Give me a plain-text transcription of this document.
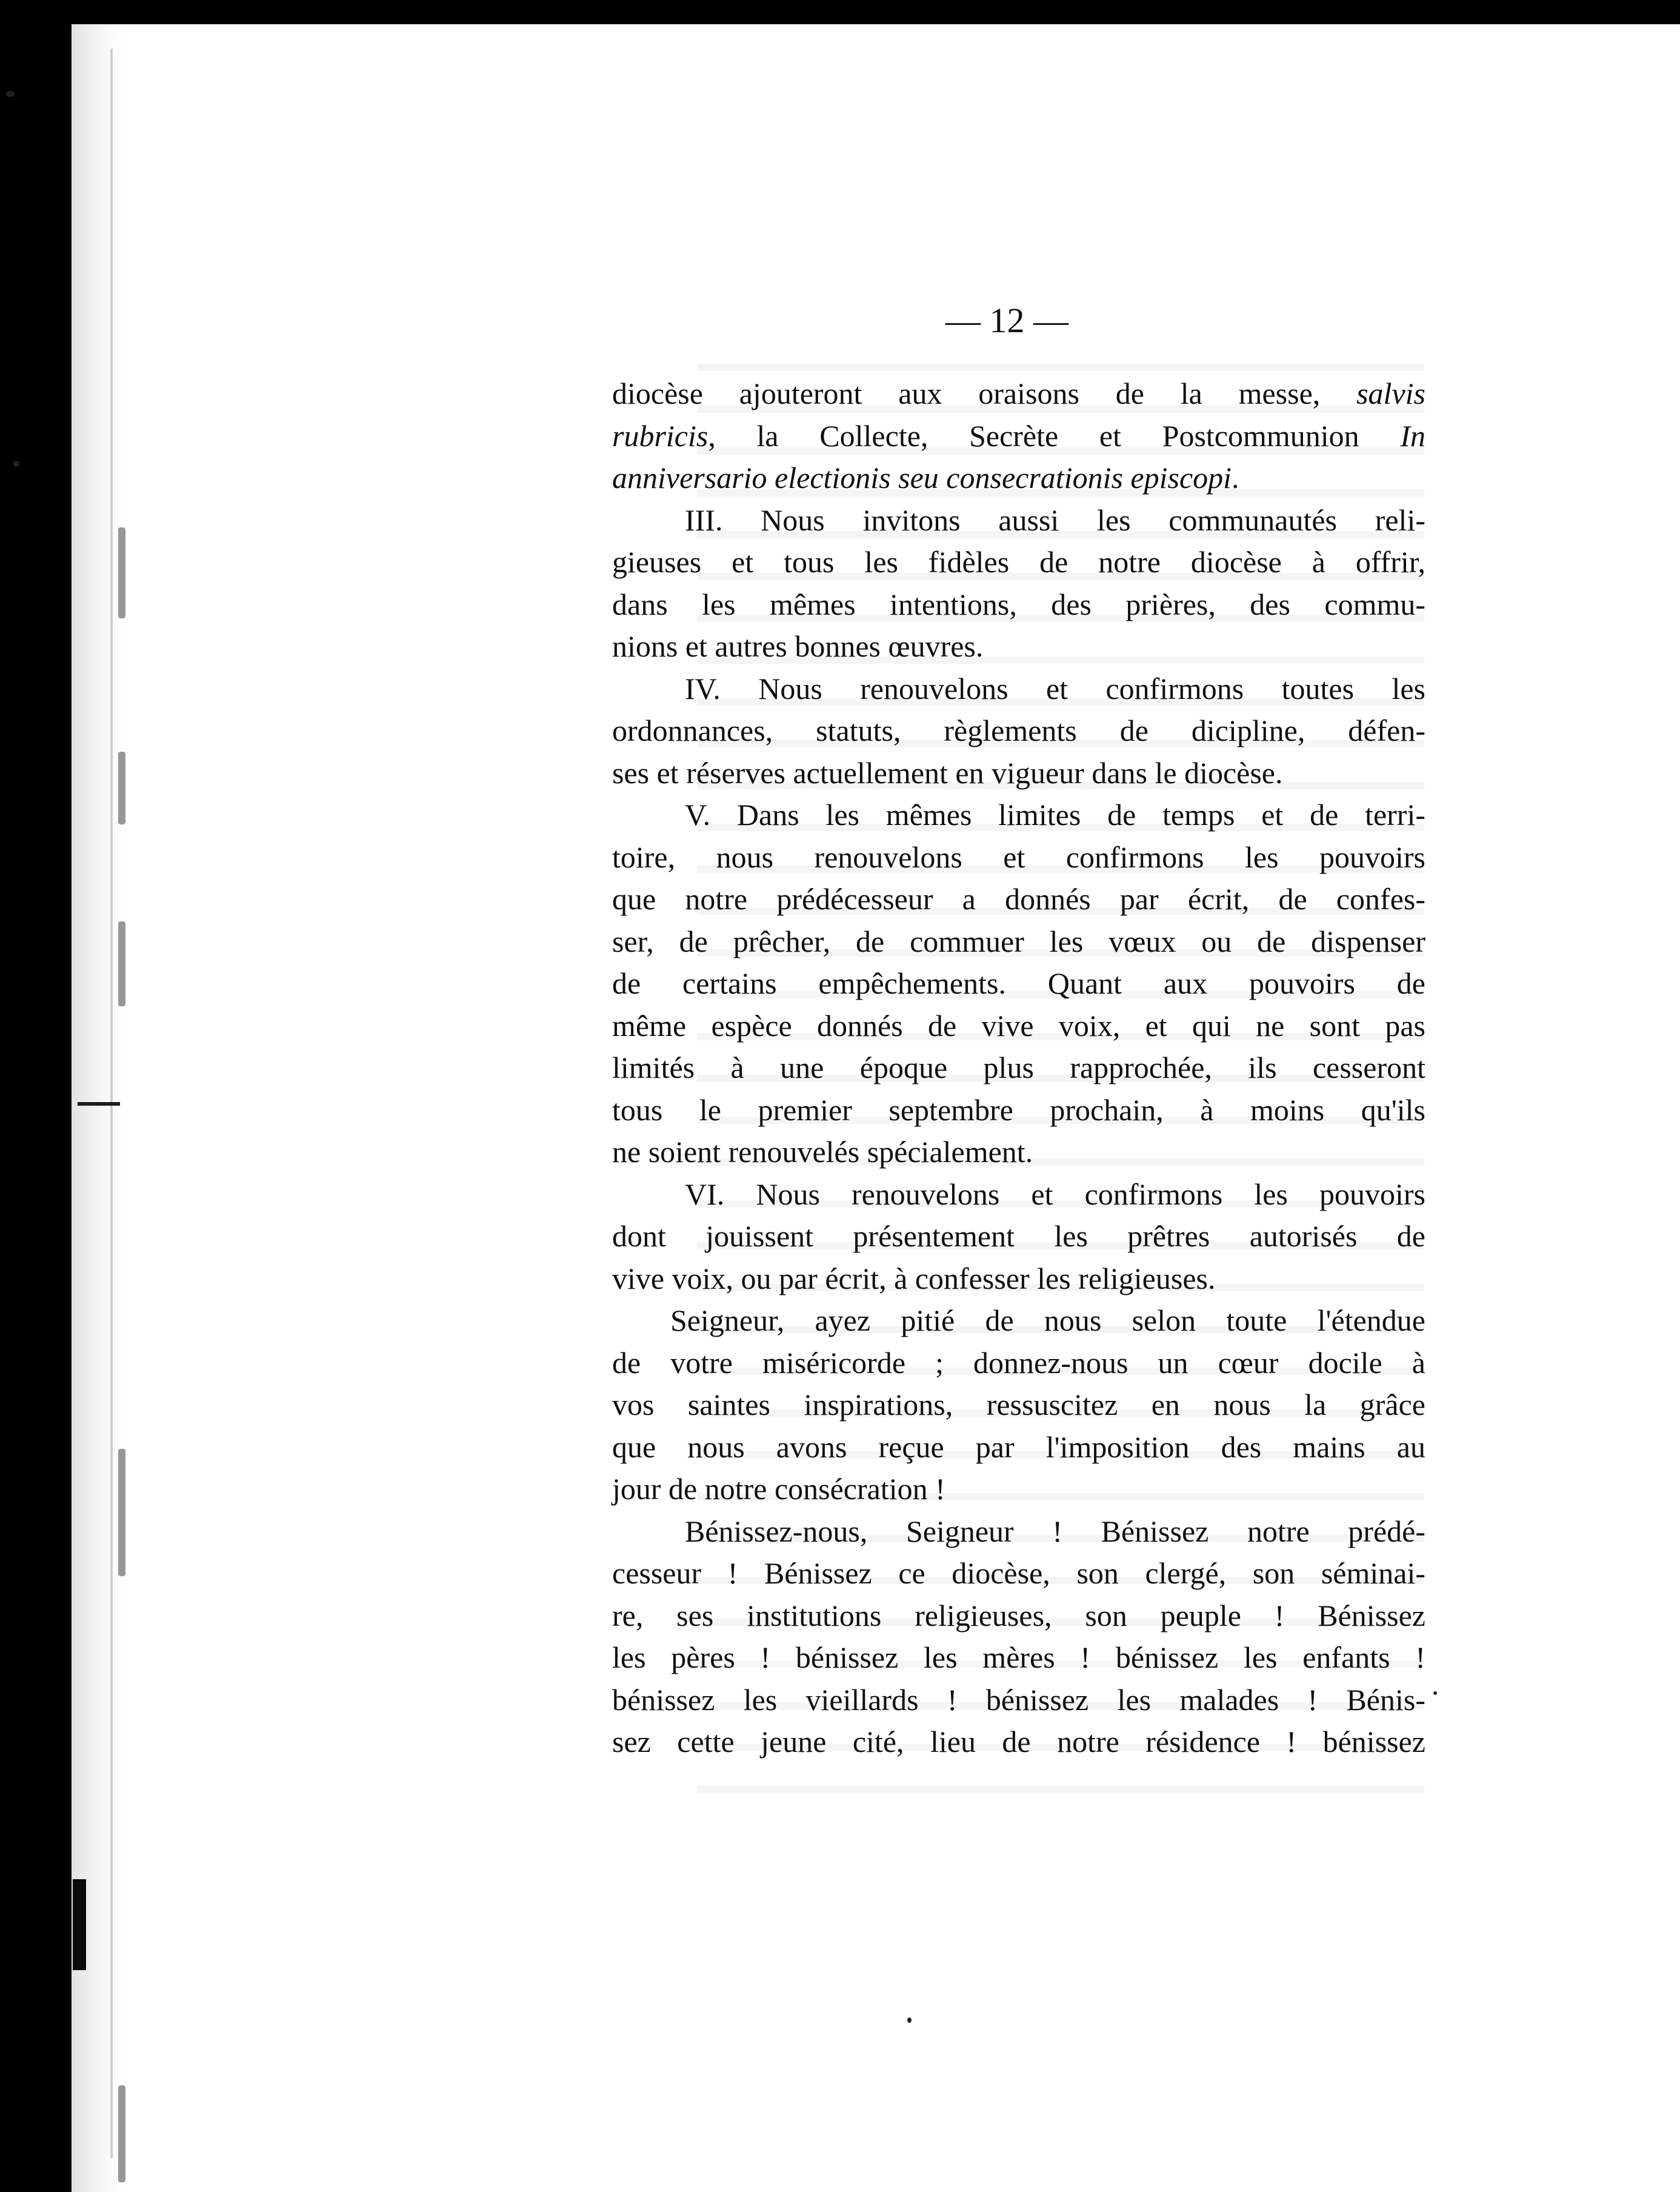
— 12 —
diocèse ajouteront aux oraisons de la messe, salvis
rubricis, la Collecte, Secrète et Postcommunion In
anniversario electionis seu consecrationis episcopi.
III. Nous invitons aussi les communautés reli-
gieuses et tous les fidèles de notre diocèse à offrir,
dans les mêmes intentions, des prières, des commu-
nions et autres bonnes œuvres.
IV. Nous renouvelons et confirmons toutes les
ordonnances, statuts, règlements de dicipline, défen-
ses et réserves actuellement en vigueur dans le diocèse.
V. Dans les mêmes limites de temps et de terri-
toire, nous renouvelons et confirmons les pouvoirs
que notre prédécesseur a donnés par écrit, de confes-
ser, de prêcher, de commuer les vœux ou de dispenser
de certains empêchements. Quant aux pouvoirs de
même espèce donnés de vive voix, et qui ne sont pas
limités à une époque plus rapprochée, ils cesseront
tous le premier septembre prochain, à moins qu'ils
ne soient renouvelés spécialement.
VI. Nous renouvelons et confirmons les pouvoirs
dont jouissent présentement les prêtres autorisés de
vive voix, ou par écrit, à confesser les religieuses.
Seigneur, ayez pitié de nous selon toute l'étendue
de votre miséricorde ; donnez-nous un cœur docile à
vos saintes inspirations, ressuscitez en nous la grâce
que nous avons reçue par l'imposition des mains au
jour de notre consécration !
Bénissez-nous, Seigneur ! Bénissez notre prédé-
cesseur ! Bénissez ce diocèse, son clergé, son séminai-
re, ses institutions religieuses, son peuple ! Bénissez
les pères ! bénissez les mères ! bénissez les enfants !
bénissez les vieillards ! bénissez les malades ! Bénis-
sez cette jeune cité, lieu de notre résidence ! bénissez
